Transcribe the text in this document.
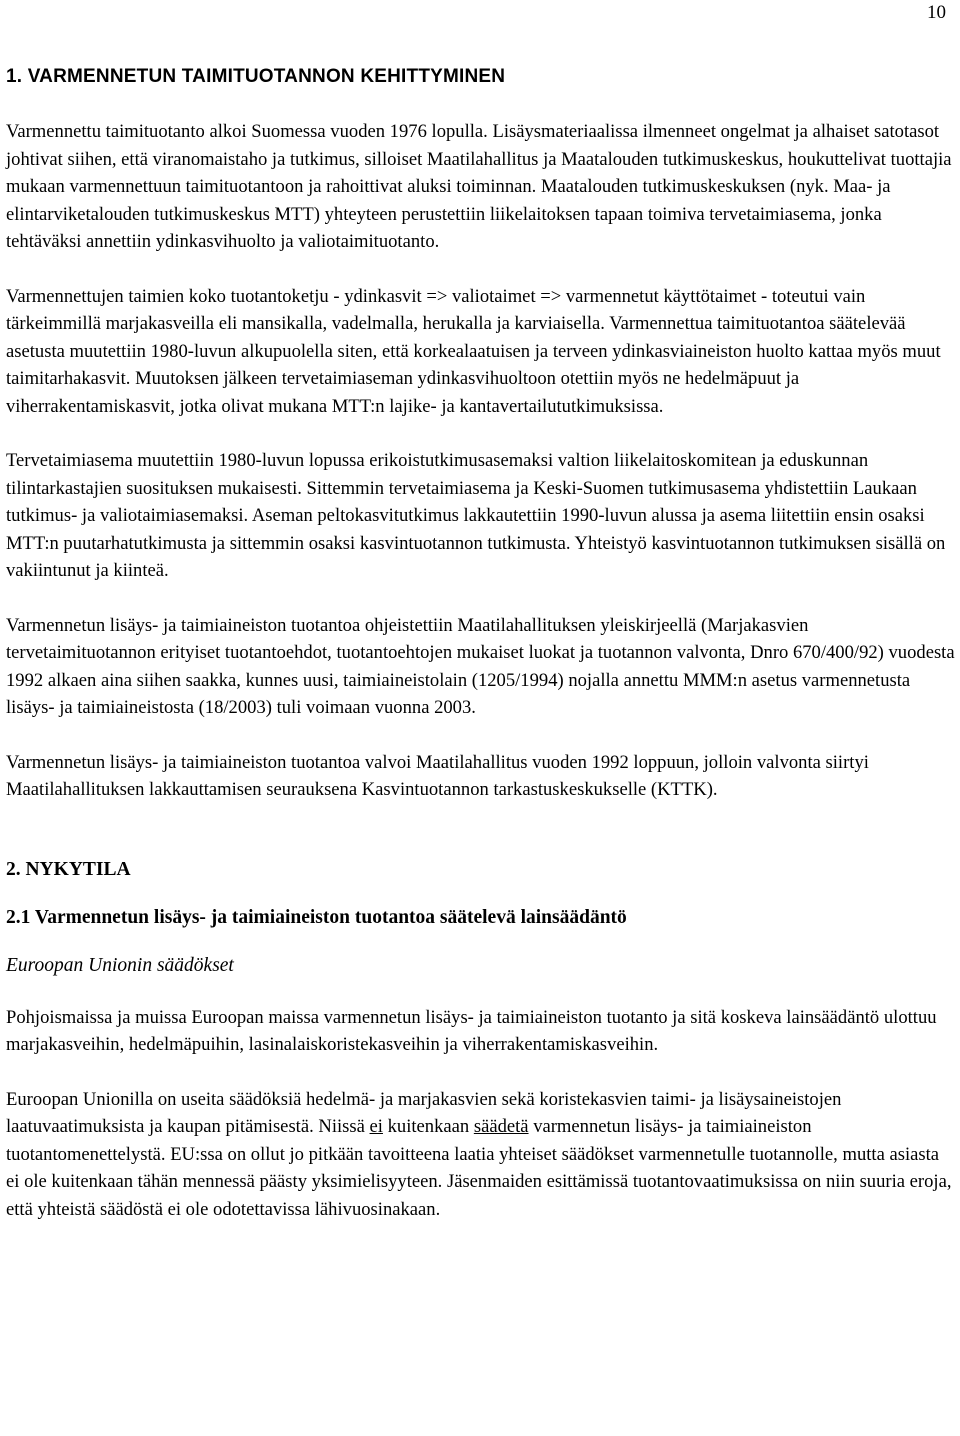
10
1. VARMENNETUN TAIMITUOTANNON KEHITTYMINEN

Varmennettu taimituotanto alkoi Suomessa vuoden 1976 lopulla. Lisäysmateriaalissa ilmenneet ongelmat ja alhaiset satotasot johtivat siihen, että viranomaistaho ja tutkimus, silloiset Maatilahallitus ja Maatalouden tutkimuskeskus, houkuttelivat tuottajia mukaan varmennettuun taimituotantoon ja rahoittivat aluksi toiminnan. Maatalouden tutkimuskeskuksen (nyk. Maa- ja elintarviketalouden tutkimuskeskus MTT) yhteyteen perustettiin liikelaitoksen tapaan toimiva tervetaimiasema, jonka tehtäväksi annettiin ydinkasvihuolto ja valiotaimituotanto.

Varmennettujen taimien koko tuotantoketju - ydinkasvit => valiotaimet => varmennetut käyttötaimet - toteutui vain tärkeimmillä marjakasveilla eli mansikalla, vadelmalla, herukalla ja karviaisella. Varmennettua taimituotantoa säätelevää asetusta muutettiin 1980-luvun alkupuolella siten, että korkealaatuisen ja terveen ydinkasviaineiston huolto kattaa myös muut taimitarhakasvit. Muutoksen jälkeen tervetaimiaseman ydinkasvihuoltoon otettiin myös ne hedelmäpuut ja viherrakentamiskasvit, jotka olivat mukana MTT:n lajike- ja kantavertailututkimuksissa.

Tervetaimiasema muutettiin 1980-luvun lopussa erikoistutkimusasemaksi valtion liikelaitoskomitean ja eduskunnan tilintarkastajien suosituksen mukaisesti. Sittemmin tervetaimiasema ja Keski-Suomen tutkimusasema yhdistettiin Laukaan tutkimus- ja valiotaimiasemaksi. Aseman peltokasvitutkimus lakkautettiin 1990-luvun alussa ja asema liitettiin ensin osaksi MTT:n puutarhatutkimusta ja sittemmin osaksi kasvintuotannon tutkimusta. Yhteistyö kasvintuotannon tutkimuksen sisällä on vakiintunut ja kiinteä.

Varmennetun lisäys- ja taimiaineiston tuotantoa ohjeistettiin Maatilahallituksen yleiskirjeellä (Marjakasvien tervetaimituotannon erityiset tuotantoehdot, tuotantoehtojen mukaiset luokat ja tuotannon valvonta, Dnro 670/400/92) vuodesta 1992 alkaen aina siihen saakka, kunnes uusi, taimiaineistolain (1205/1994) nojalla annettu MMM:n asetus varmennetusta lisäys- ja taimiaineistosta (18/2003) tuli voimaan vuonna 2003.

Varmennetun lisäys- ja taimiaineiston tuotantoa valvoi Maatilahallitus vuoden 1992 loppuun, jolloin valvonta siirtyi Maatilahallituksen lakkauttamisen seurauksena Kasvintuotannon tarkastuskeskukselle (KTTK).

2. NYKYTILA
2.1 Varmennetun lisäys- ja taimiaineiston tuotantoa säätelevä lainsäädäntö
Euroopan Unionin säädökset

Pohjoismaissa ja muissa Euroopan maissa varmennetun lisäys- ja taimiaineiston tuotanto ja sitä koskeva lainsäädäntö ulottuu marjakasveihin, hedelmäpuihin, lasinalaiskoristekasveihin ja viherrakentamiskasveihin.

Euroopan Unionilla on useita säädöksiä hedelmä- ja marjakasvien sekä koristekasvien taimi- ja lisäysaineistojen laatuvaatimuksista ja kaupan pitämisestä. Niissä ei kuitenkaan säädetä varmennetun lisäys- ja taimiaineiston tuotantomenettelystä. EU:ssa on ollut jo pitkään tavoitteena laatia yhteiset säädökset varmennetulle tuotannolle, mutta asiasta ei ole kuitenkaan tähän mennessä päästy yksimielisyyteen. Jäsenmaiden esittämissä tuotantovaatimuksissa on niin suuria eroja, että yhteistä säädöstä ei ole odotettavissa lähivuosinakaan.
